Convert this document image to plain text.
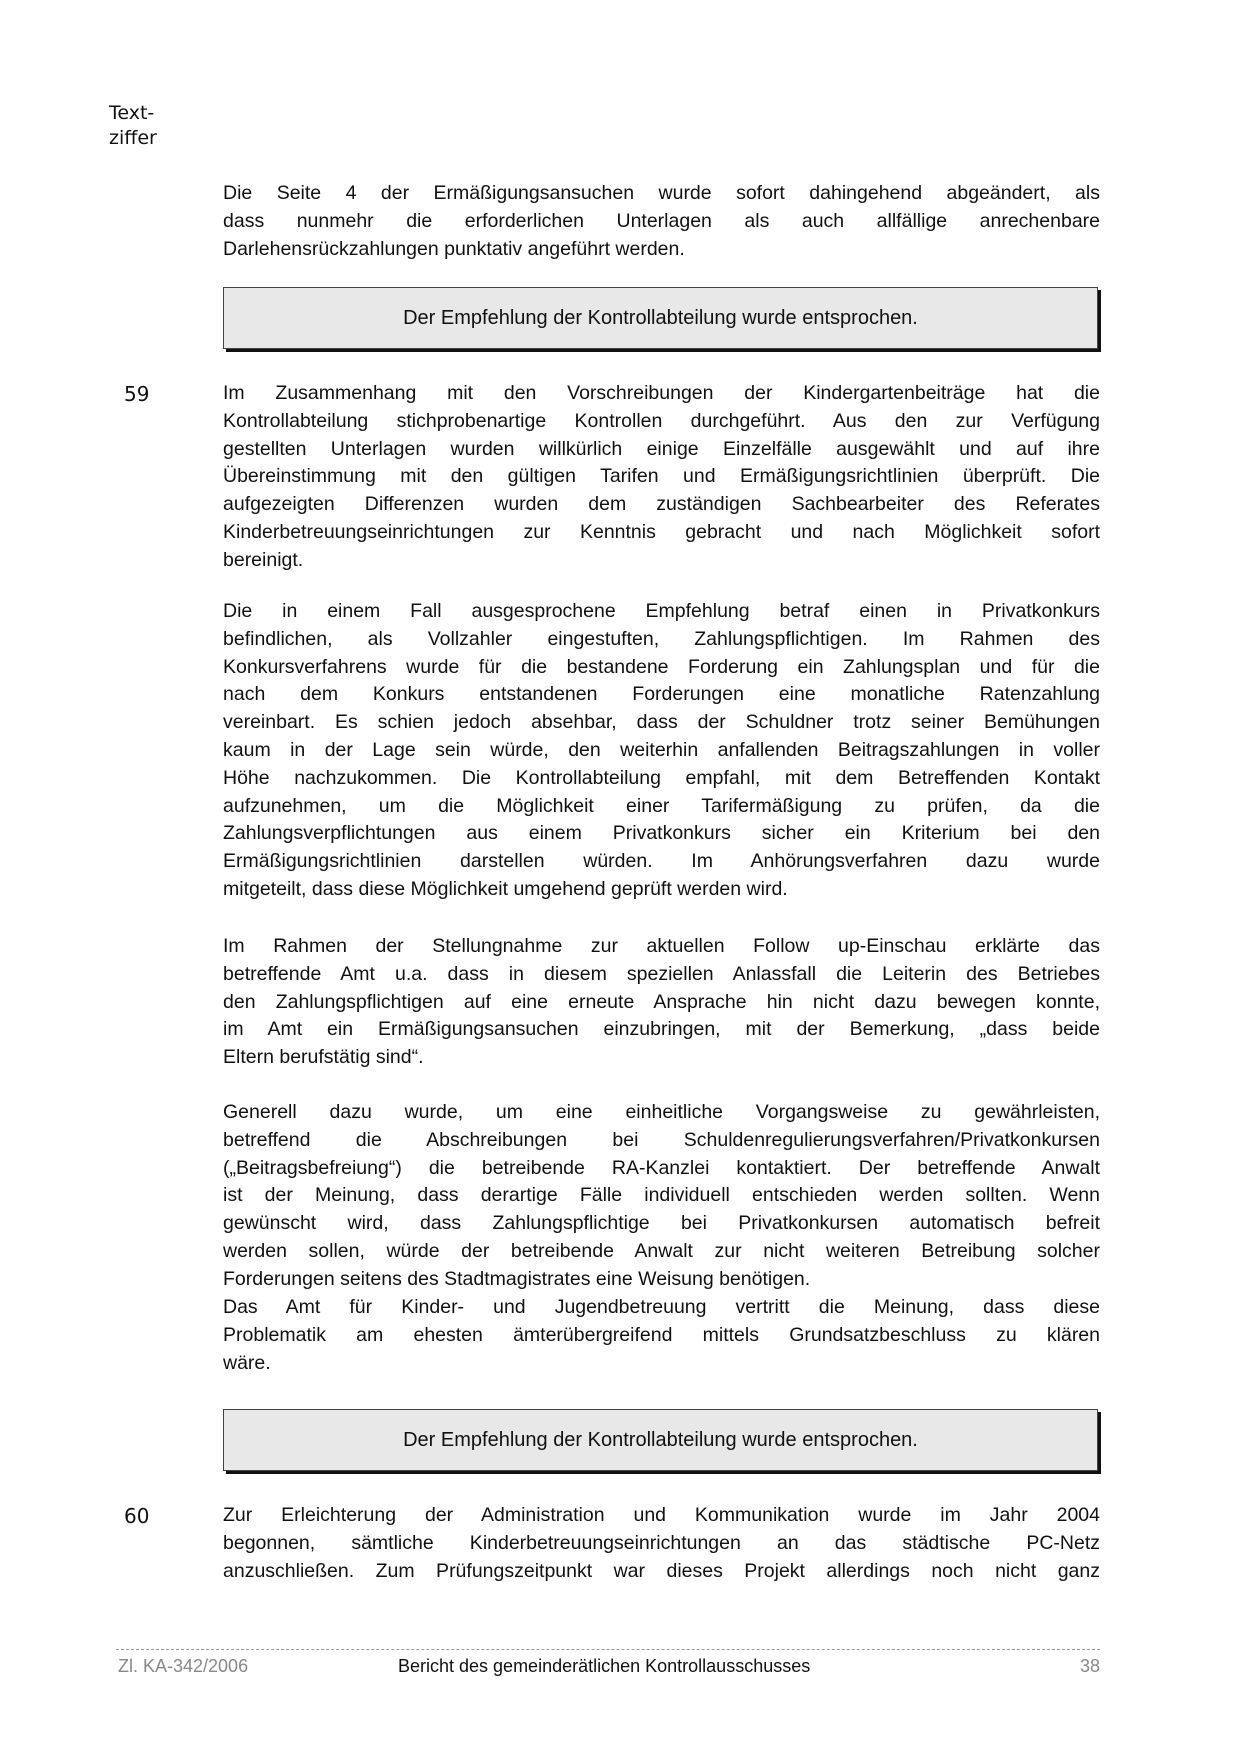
Text-
ziffer
Die Seite 4 der Ermäßigungsansuchen wurde sofort dahingehend abgeändert, als
dass nunmehr die erforderlichen Unterlagen als auch allfällige anrechenbare
Darlehensrückzahlungen punktativ angeführt werden.
Der Empfehlung der Kontrollabteilung wurde entsprochen.
59	Im Zusammenhang mit den Vorschreibungen der Kindergartenbeiträge hat die
Kontrollabteilung stichprobenartige Kontrollen durchgeführt. Aus den zur Verfügung
gestellten Unterlagen wurden willkürlich einige Einzelfälle ausgewählt und auf ihre
Übereinstimmung mit den gültigen Tarifen und Ermäßigungsrichtlinien überprüft. Die
aufgezeigten Differenzen wurden dem zuständigen Sachbearbeiter des Referates
Kinderbetreuungseinrichtungen zur Kenntnis gebracht und nach Möglichkeit sofort
bereinigt.
Die in einem Fall ausgesprochene Empfehlung betraf einen in Privatkonkurs
befindlichen, als Vollzahler eingestuften, Zahlungspflichtigen. Im Rahmen des
Konkursverfahrens wurde für die bestandene Forderung ein Zahlungsplan und für die
nach dem Konkurs entstandenen Forderungen eine monatliche Ratenzahlung
vereinbart. Es schien jedoch absehbar, dass der Schuldner trotz seiner Bemühungen
kaum in der Lage sein würde, den weiterhin anfallenden Beitragszahlungen in voller
Höhe nachzukommen. Die Kontrollabteilung empfahl, mit dem Betreffenden Kontakt
aufzunehmen, um die Möglichkeit einer Tarifermäßigung zu prüfen, da die
Zahlungsverpflichtungen aus einem Privatkonkurs sicher ein Kriterium bei den
Ermäßigungsrichtlinien darstellen würden. Im Anhörungsverfahren dazu wurde
mitgeteilt, dass diese Möglichkeit umgehend geprüft werden wird.
Im Rahmen der Stellungnahme zur aktuellen Follow up-Einschau erklärte das
betreffende Amt u.a. dass in diesem speziellen Anlassfall die Leiterin des Betriebes
den Zahlungspflichtigen auf eine erneute Ansprache hin nicht dazu bewegen konnte,
im Amt ein Ermäßigungsansuchen einzubringen, mit der Bemerkung, „dass beide
Eltern berufstätig sind“.
Generell dazu wurde, um eine einheitliche Vorgangsweise zu gewährleisten,
betreffend die Abschreibungen bei Schuldenregulierungsverfahren/Privatkonkursen
(„Beitragsbefreiung“) die betreibende RA-Kanzlei kontaktiert. Der betreffende Anwalt
ist der Meinung, dass derartige Fälle individuell entschieden werden sollten. Wenn
gewünscht wird, dass Zahlungspflichtige bei Privatkonkursen automatisch befreit
werden sollen, würde der betreibende Anwalt zur nicht weiteren Betreibung solcher
Forderungen seitens des Stadtmagistrates eine Weisung benötigen.
Das Amt für Kinder- und Jugendbetreuung vertritt die Meinung, dass diese
Problematik am ehesten ämterübergreifend mittels Grundsatzbeschluss zu klären
wäre.
Der Empfehlung der Kontrollabteilung wurde entsprochen.
60	Zur Erleichterung der Administration und Kommunikation wurde im Jahr 2004
begonnen, sämtliche Kinderbetreuungseinrichtungen an das städtische PC-Netz
anzuschließen. Zum Prüfungszeitpunkt war dieses Projekt allerdings noch nicht ganz
Zl. KA-342/2006	Bericht des gemeinderätlichen Kontrollausschusses	38
